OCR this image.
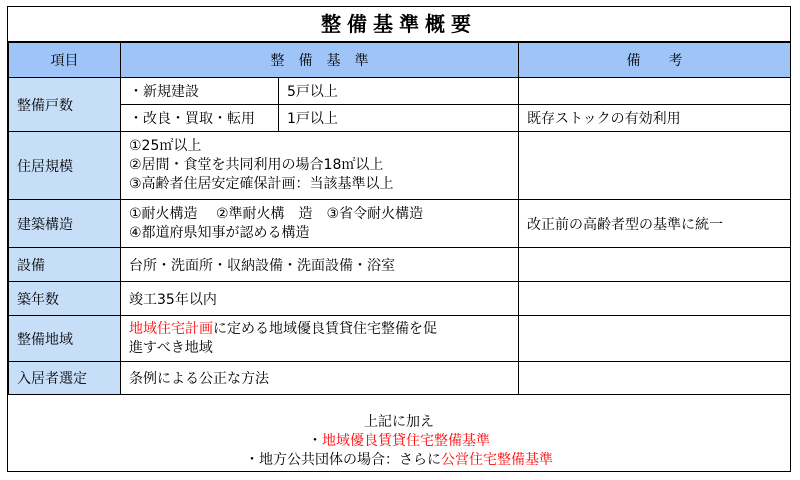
整備基準概要
項目	整　備　基　準		備　　考
整備戸数	・新規建設	5戸以上	
	・改良・買取・転用	1戸以上	既存ストックの有効利用
住居規模	①25㎡以上
②居間・食堂を共同利用の場合18㎡以上
③高齢者住居安定確保計画：当該基準以上		

建築構造	①耐火構造　 ②準耐火構　造　③省令耐火構造
④都道府県知事が認める構造		改正前の高齢者型の基準に統一
設備	台所・洗面所・収納設備・洗面設備・浴室		
築年数	竣工35年以内		
整備地域	地域住宅計画に定める地域優良賃貸住宅整備を促
進すべき地域		

入居者選定	条例による公正な方法		
上記に加え
・地域優良賃貸住宅整備基準
・地方公共団体の場合：さらに公営住宅整備基準
